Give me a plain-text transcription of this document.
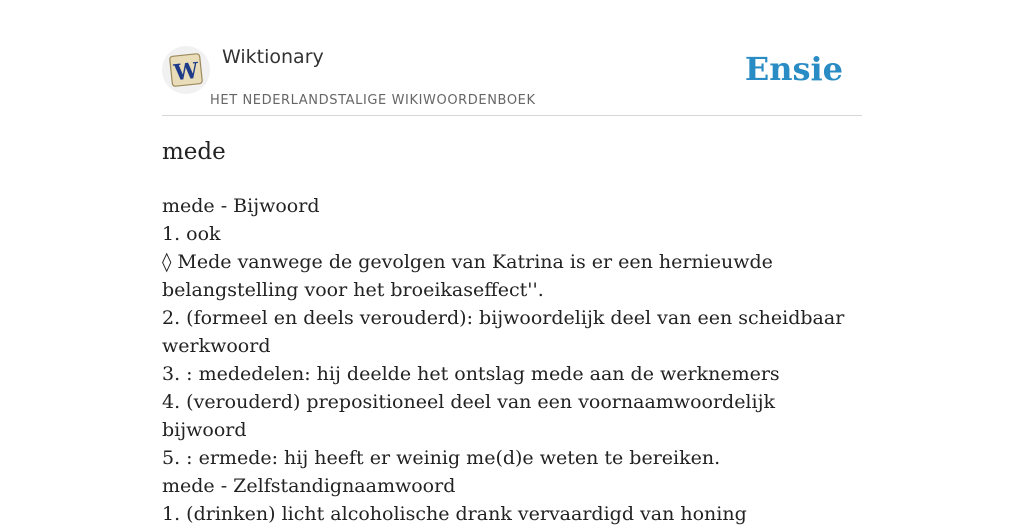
W
Wiktionary
HET NEDERLANDSTALIGE WIKIWOORDENBOEK
Ensie
mede
mede - Bijwoord
1. ook
◊ Mede vanwege de gevolgen van Katrina is er een hernieuwde belangstelling voor het broeikaseffect''.
2. (formeel en deels verouderd): bijwoordelijk deel van een scheidbaar werkwoord
3. : mededelen: hij deelde het ontslag mede aan de werknemers
4. (verouderd) prepositioneel deel van een voornaamwoordelijk bijwoord
5. : ermede: hij heeft er weinig me(d)e weten te bereiken.
mede - Zelfstandignaamwoord
1. (drinken) licht alcoholische drank vervaardigd van honing
